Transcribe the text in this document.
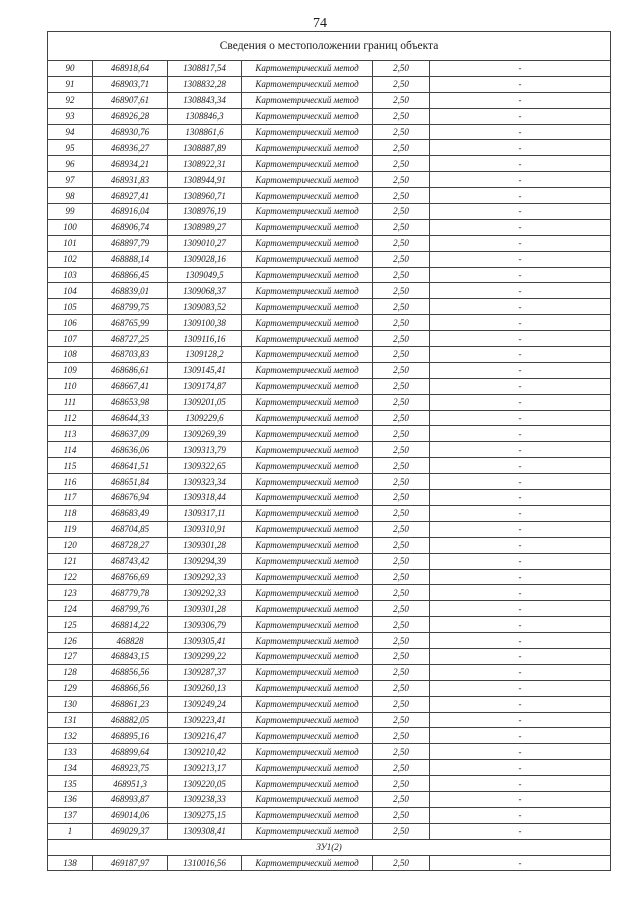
74
Сведения о местоположении границ объекта					
90	468918,64	1308817,54	Картометрический метод	2,50	-
91	468903,71	1308832,28	Картометрический метод	2,50	-
92	468907,61	1308843,34	Картометрический метод	2,50	-
93	468926,28	1308846,3	Картометрический метод	2,50	-
94	468930,76	1308861,6	Картометрический метод	2,50	-
95	468936,27	1308887,89	Картометрический метод	2,50	-
96	468934,21	1308922,31	Картометрический метод	2,50	-
97	468931,83	1308944,91	Картометрический метод	2,50	-
98	468927,41	1308960,71	Картометрический метод	2,50	-
99	468916,04	1308976,19	Картометрический метод	2,50	-
100	468906,74	1308989,27	Картометрический метод	2,50	-
101	468897,79	1309010,27	Картометрический метод	2,50	-
102	468888,14	1309028,16	Картометрический метод	2,50	-
103	468866,45	1309049,5	Картометрический метод	2,50	-
104	468839,01	1309068,37	Картометрический метод	2,50	-
105	468799,75	1309083,52	Картометрический метод	2,50	-
106	468765,99	1309100,38	Картометрический метод	2,50	-
107	468727,25	1309116,16	Картометрический метод	2,50	-
108	468703,83	1309128,2	Картометрический метод	2,50	-
109	468686,61	1309145,41	Картометрический метод	2,50	-
110	468667,41	1309174,87	Картометрический метод	2,50	-
111	468653,98	1309201,05	Картометрический метод	2,50	-
112	468644,33	1309229,6	Картометрический метод	2,50	-
113	468637,09	1309269,39	Картометрический метод	2,50	-
114	468636,06	1309313,79	Картометрический метод	2,50	-
115	468641,51	1309322,65	Картометрический метод	2,50	-
116	468651,84	1309323,34	Картометрический метод	2,50	-
117	468676,94	1309318,44	Картометрический метод	2,50	-
118	468683,49	1309317,11	Картометрический метод	2,50	-
119	468704,85	1309310,91	Картометрический метод	2,50	-
120	468728,27	1309301,28	Картометрический метод	2,50	-
121	468743,42	1309294,39	Картометрический метод	2,50	-
122	468766,69	1309292,33	Картометрический метод	2,50	-
123	468779,78	1309292,33	Картометрический метод	2,50	-
124	468799,76	1309301,28	Картометрический метод	2,50	-
125	468814,22	1309306,79	Картометрический метод	2,50	-
126	468828	1309305,41	Картометрический метод	2,50	-
127	468843,15	1309299,22	Картометрический метод	2,50	-
128	468856,56	1309287,37	Картометрический метод	2,50	-
129	468866,56	1309260,13	Картометрический метод	2,50	-
130	468861,23	1309249,24	Картометрический метод	2,50	-
131	468882,05	1309223,41	Картометрический метод	2,50	-
132	468895,16	1309216,47	Картометрический метод	2,50	-
133	468899,64	1309210,42	Картометрический метод	2,50	-
134	468923,75	1309213,17	Картометрический метод	2,50	-
135	468951,3	1309220,05	Картометрический метод	2,50	-
136	468993,87	1309238,33	Картометрический метод	2,50	-
137	469014,06	1309275,15	Картометрический метод	2,50	-
1	469029,37	1309308,41	Картометрический метод	2,50	-
ЗУ1(2)					
138	469187,97	1310016,56	Картометрический метод	2,50	-
